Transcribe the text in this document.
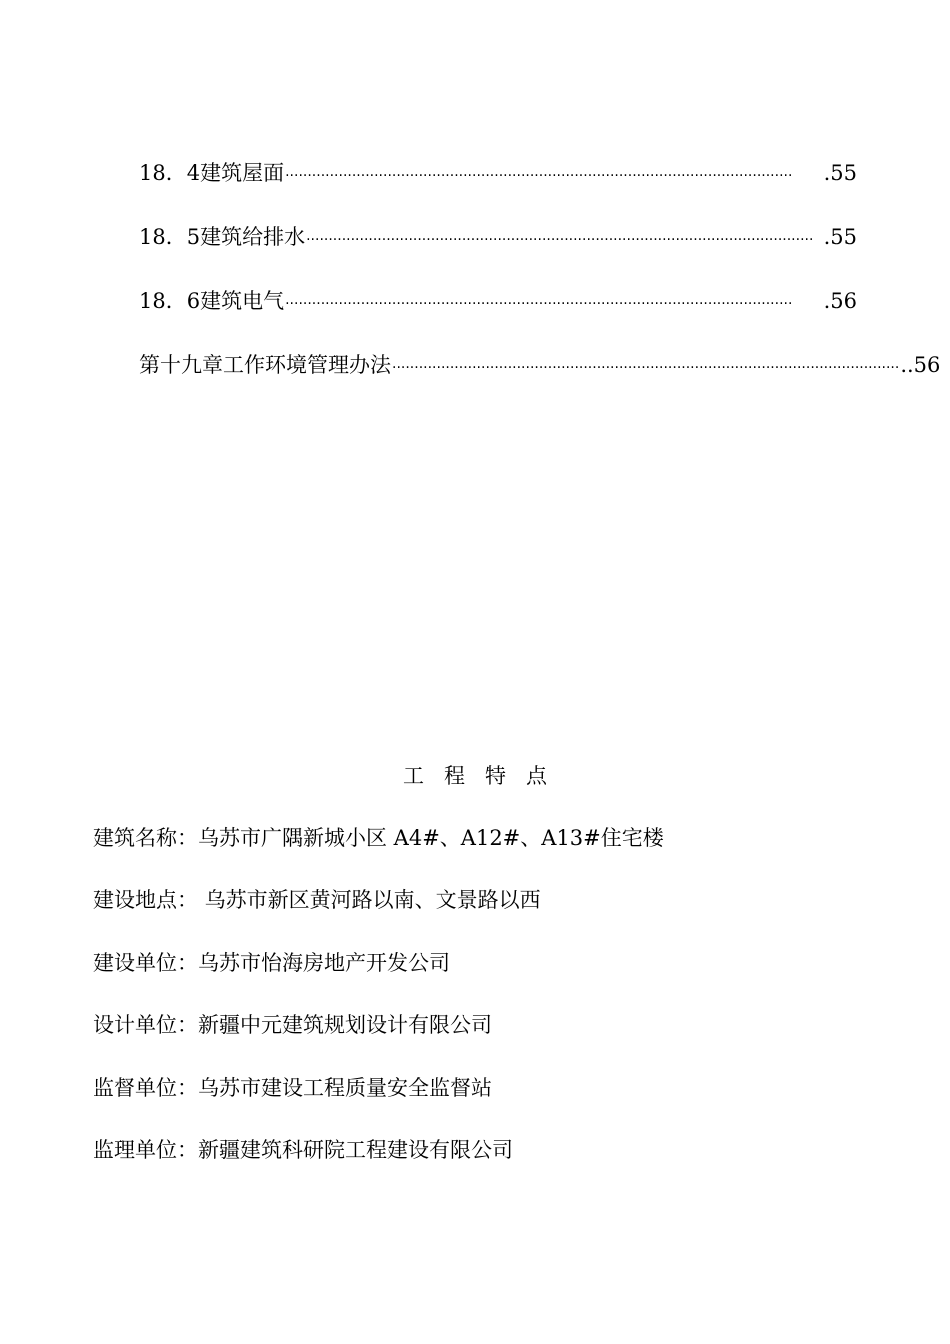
18．4 建筑屋面 ··················································································································	.55
18．5 建筑给排水 ·················································································································· .55
18．6 建筑电气 ··················································································································	.56
第十九章 工作环境管理办法 ·················································································································· ..56
工程特点
建筑名称：乌苏市广隅新城小区 A4#、A12#、A13#住宅楼
建设地点： 乌苏市新区黄河路以南、文景路以西
建设单位：乌苏市怡海房地产开发公司
设计单位：新疆中元建筑规划设计有限公司
监督单位：乌苏市建设工程质量安全监督站
监理单位：新疆建筑科研院工程建设有限公司
